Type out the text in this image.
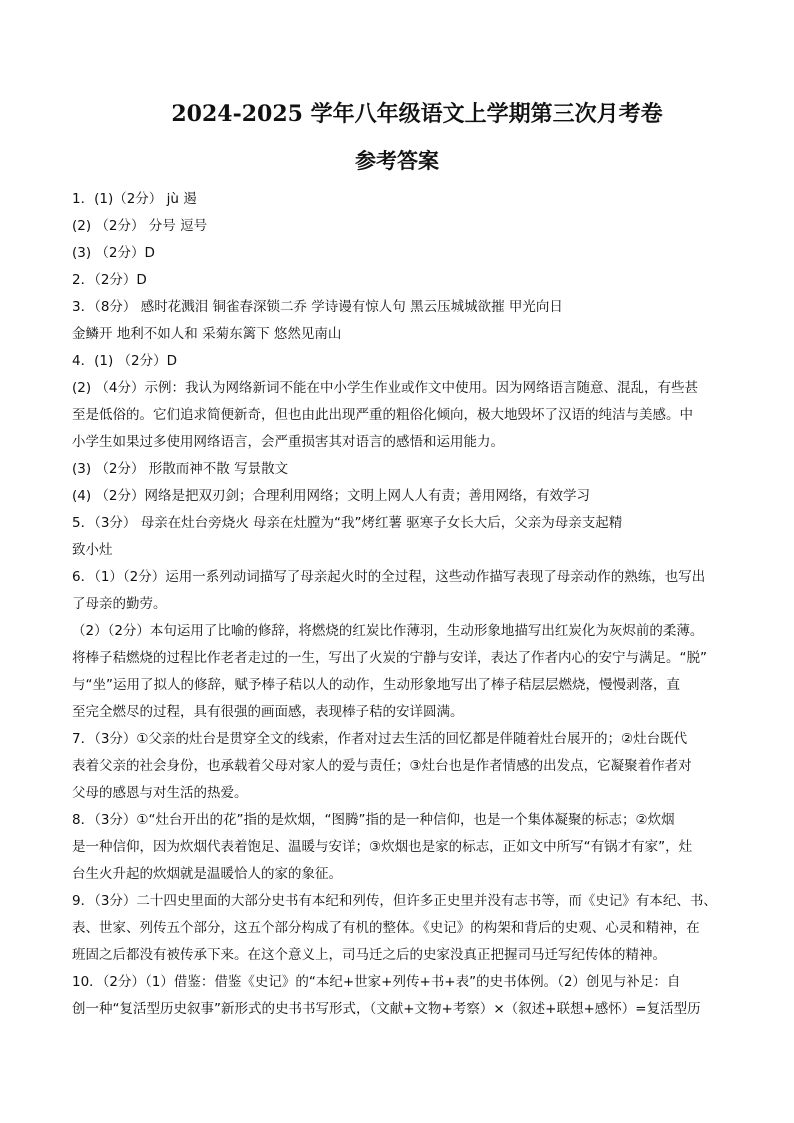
2024-2025 学年八年级语文上学期第三次月考卷
参考答案
1．(1)（2分） jù 遏
(2) （2分） 分号 逗号
(3) （2分）D
2．（2分）D
3．（8分） 感时花溅泪 铜雀春深锁二乔 学诗谩有惊人句 黑云压城城欲摧 甲光向日
金鳞开 地利不如人和 采菊东篱下 悠然见南山
4．(1) （2分）D
(2) （4分）示例：我认为网络新词不能在中小学生作业或作文中使用。因为网络语言随意、混乱，有些甚
至是低俗的。它们追求简便新奇，但也由此出现严重的粗俗化倾向，极大地毁坏了汉语的纯洁与美感。中
小学生如果过多使用网络语言，会严重损害其对语言的感悟和运用能力。
(3) （2分） 形散而神不散 写景散文
(4) （2分）网络是把双刃剑；合理利用网络；文明上网人人有责；善用网络，有效学习
5．（3分） 母亲在灶台旁烧火 母亲在灶膛为“我”烤红薯 驱寒子女长大后，父亲为母亲支起精
致小灶
6．（1）（2分）运用一系列动词描写了母亲起火时的全过程，这些动作描写表现了母亲动作的熟练，也写出
了母亲的勤劳。
（2）（2分）本句运用了比喻的修辞，将燃烧的红炭比作薄羽，生动形象地描写出红炭化为灰烬前的柔薄。
将棒子秸燃烧的过程比作老者走过的一生，写出了火炭的宁静与安详，表达了作者内心的安宁与满足。“脱”
与“坐”运用了拟人的修辞，赋予棒子秸以人的动作，生动形象地写出了棒子秸层层燃烧，慢慢剥落，直
至完全燃尽的过程，具有很强的画面感，表现棒子秸的安详圆满。
7．（3分）①父亲的灶台是贯穿全文的线索，作者对过去生活的回忆都是伴随着灶台展开的；②灶台既代
表着父亲的社会身份，也承载着父母对家人的爱与责任；③灶台也是作者情感的出发点，它凝聚着作者对
父母的感恩与对生活的热爱。
8．（3分）①“灶台开出的花”指的是炊烟，“图腾”指的是一种信仰，也是一个集体凝聚的标志；②炊烟
是一种信仰，因为炊烟代表着饱足、温暖与安详；③炊烟也是家的标志，正如文中所写“有锅才有家”，灶
台生火升起的炊烟就是温暖恰人的家的象征。
9．（3分）二十四史里面的大部分史书有本纪和列传，但许多正史里并没有志书等，而《史记》有本纪、书、
表、世家、列传五个部分，这五个部分构成了有机的整体。《史记》的构架和背后的史观、心灵和精神，在
班固之后都没有被传承下来。在这个意义上，司马迁之后的史家没真正把握司马迁写纪传体的精神。
10．（2分）（1）借鉴：借鉴《史记》的“本纪+世家+列传+书+表”的史书体例。（2）创见与补足：自
创一种“复活型历史叙事”新形式的史书书写形式，（文献+文物+考察）×（叙述+联想+感怀）=复活型历
